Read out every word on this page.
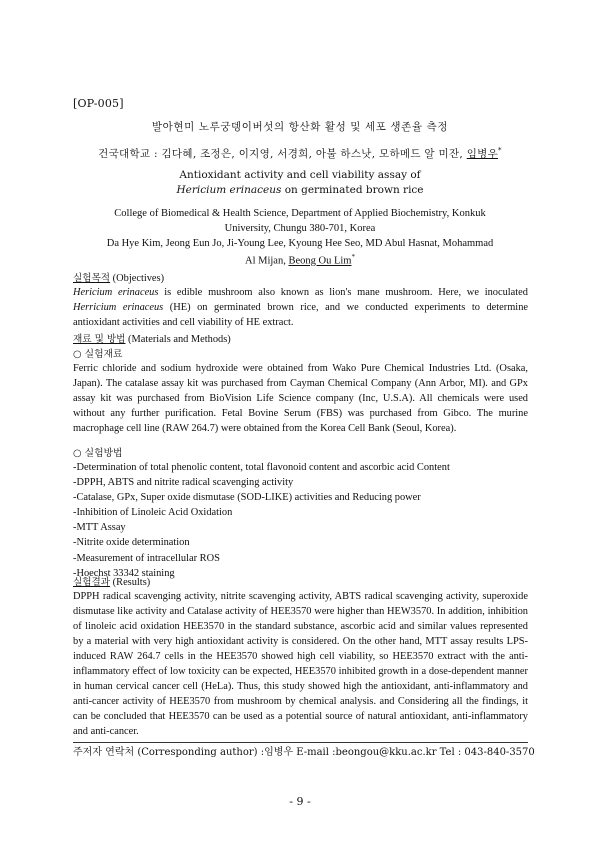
[OP-005]
발아현미 노루궁뎅이버섯의 항산화 활성 및 세포 생존율 측정
건국대학교 : 김다혜, 조정은, 이지영, 서경희, 아불 하스낫, 모하메드 알 미잔, 임병우*
Antioxidant activity and cell viability assay of
Hericium erinaceus on germinated brown rice
College of Biomedical & Health Science, Department of Applied Biochemistry, Konkuk
University, Chungu 380-701, Korea
Da Hye Kim, Jeong Eun Jo, Ji-Young Lee, Kyoung Hee Seo, MD Abul Hasnat, Mohammad
Al Mijan, Beong Ou Lim*
실험목적 (Objectives)
Hericium erinaceus is edible mushroom also known as lion's mane mushroom. Here, we inoculated Herricium erinaceus (HE) on germinated brown rice, and we conducted experiments to determine antioxidant activities and cell viability of HE extract.
재료 및 방법 (Materials and Methods)
○ 실험재료
Ferric chloride and sodium hydroxide were obtained from Wako Pure Chemical Industries Ltd. (Osaka, Japan). The catalase assay kit was purchased from Cayman Chemical Company (Ann Arbor, MI). and GPx assay kit was purchased from BioVision Life Science company (Inc, U.S.A). All chemicals were used without any further purification. Fetal Bovine Serum (FBS) was purchased from Gibco. The murine macrophage cell line (RAW 264.7) were obtained from the Korea Cell Bank (Seoul, Korea).
○ 실험방법
-Determination of total phenolic content, total flavonoid content and ascorbic acid Content
-DPPH, ABTS and nitrite radical scavenging activity
-Catalase, GPx, Super oxide dismutase (SOD-LIKE) activities and Reducing power
-Inhibition of Linoleic Acid Oxidation
-MTT Assay
-Nitrite oxide determination
-Measurement of intracellular ROS
-Hoechst 33342 staining
실험결과 (Results)
DPPH radical scavenging activity, nitrite scavenging activity, ABTS radical scavenging activity, superoxide dismutase like activity and Catalase activity of HEE3570 were higher than HEW3570. In addition, inhibition of linoleic acid oxidation HEE3570 in the standard substance, ascorbic acid and similar values represented by a material with very high antioxidant activity is considered. On the other hand, MTT assay results LPS-induced RAW 264.7 cells in the HEE3570 showed high cell viability, so HEE3570 extract with the anti-inflammatory effect of low toxicity can be expected, HEE3570 inhibited growth in a dose-dependent manner in human cervical cancer cell (HeLa). Thus, this study showed high the antioxidant, anti-inflammatory and anti-cancer activity of HEE3570 from mushroom by chemical analysis. and Considering all the findings, it can be concluded that HEE3570 can be used as a potential source of natural antioxidant, anti-inflammatory and anti-cancer.
주저자 연락처 (Corresponding author) :임병우 E-mail :beongou@kku.ac.kr Tel : 043-840-3570
- 9 -
